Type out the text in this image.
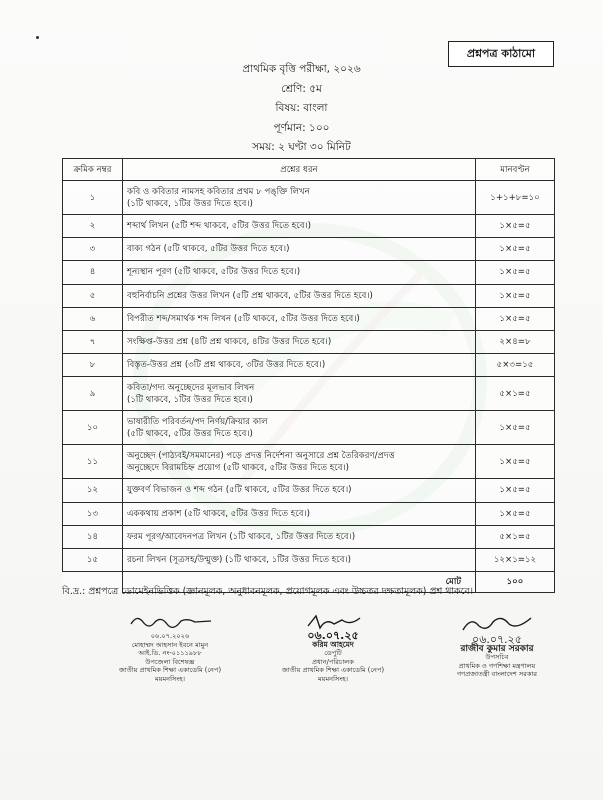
প্রশ্নপত্র কাঠামো
প্রাথমিক বৃত্তি পরীক্ষা, ২০২৬
শ্রেণি: ৫ম
বিষয়: বাংলা
পূর্ণমান: ১০০
সময়: ২ ঘণ্টা ৩০ মিনিট
ক্রমিক নম্বর	প্রশ্নের ধরন	মানবণ্টন
১	কবি ও কবিতার নামসহ কবিতার প্রথম ৮ পঙ্‌ক্তি লিখন
(১টি থাকবে, ১টির উত্তর দিতে হবে।)	১+১+৮=১০
২	শব্দার্থ লিখন (৫টি শব্দ থাকবে, ৫টির উত্তর দিতে হবে।)	১×৫=৫
৩	বাক্য গঠন (৫টি থাকবে, ৫টির উত্তর দিতে হবে।)	১×৫=৫
৪	শূন্যস্থান পূরণ (৫টি থাকবে, ৫টির উত্তর দিতে হবে।)	১×৫=৫
৫	বহুনির্বাচনি প্রশ্নের উত্তর লিখন (৫টি প্রশ্ন থাকবে, ৫টির উত্তর দিতে হবে।)	১×৫=৫
৬	বিপরীত শব্দ/সমার্থক শব্দ লিখন (৫টি থাকবে, ৫টির উত্তর দিতে হবে।)	১×৫=৫
৭	সংক্ষিপ্ত-উত্তর প্রশ্ন (৪টি প্রশ্ন থাকবে, ৪টির উত্তর দিতে হবে।)	২×৪=৮
৮	বিস্তৃত-উত্তর প্রশ্ন (৩টি প্রশ্ন থাকবে, ৩টির উত্তর দিতে হবে।)	৫×৩=১৫
৯	কবিতা/গদ্য অনুচ্ছেদের মূলভাব লিখন
(১টি থাকবে, ১টির উত্তর দিতে হবে।)	৫×১=৫
১০	ভাষারীতি পরিবর্তন/পদ নির্ণয়/ক্রিয়ার কাল
(৫টি থাকবে, ৫টির উত্তর দিতে হবে।)	১×৫=৫
১১	অনুচ্ছেদ (পাঠ্যবই/সমমানের) পড়ে প্রদত্ত নির্দেশনা অনুসারে প্রশ্ন তৈরিকরণ/প্রদত্ত
অনুচ্ছেদে বিরামচিহ্ন প্রয়োগ (৫টি থাকবে, ৫টির উত্তর দিতে হবে।)	১×৫=৫
১২	যুক্তবর্ণ বিভাজন ও শব্দ গঠন (৫টি থাকবে, ৫টির উত্তর দিতে হবে।)	১×৫=৫
১৩	এককথায় প্রকাশ (৫টি থাকবে, ৫টির উত্তর দিতে হবে।)	১×৫=৫
১৪	ফরম পূরণ/আবেদনপত্র লিখন (১টি থাকবে, ১টির উত্তর দিতে হবে।)	৫×১=৫
১৫	রচনা লিখন (সূত্রসহ/উন্মুক্ত) (১টি থাকবে, ১টির উত্তর দিতে হবে।)	১২×১=১২
	মোট	১০০
বি.দ্র.: প্রশ্নপত্রে ডোমেইনভিত্তিক (জ্ঞানমূলক, অনুধাবনমূলক, প্রয়োগমূলক এবং উচ্চতর দক্ষতামূলক) প্রশ্ন থাকবে।
০৬.০৭.২০২৬
মোহাম্মদ আহসান ইবনে মামুন
আই.ডি. নং-০১১১৯৮৮
উপজেলা বিশেষজ্ঞ
জাতীয় প্রাথমিক শিক্ষা একাডেমি (নেপ)
ময়মনসিংহ।
০৬.০৭.২৫
করিম আহমেদ
ডেপুটি
প্রধান/পরিচালক
জাতীয় প্রাথমিক শিক্ষা একাডেমি (নেপ)
ময়মনসিংহ।
০৬.০৭.২৫
রাজীব কুমার সরকার
উপসচিব
প্রাথমিক ও গণশিক্ষা মন্ত্রণালয়
গণপ্রজাতন্ত্রী বাংলাদেশ সরকার
